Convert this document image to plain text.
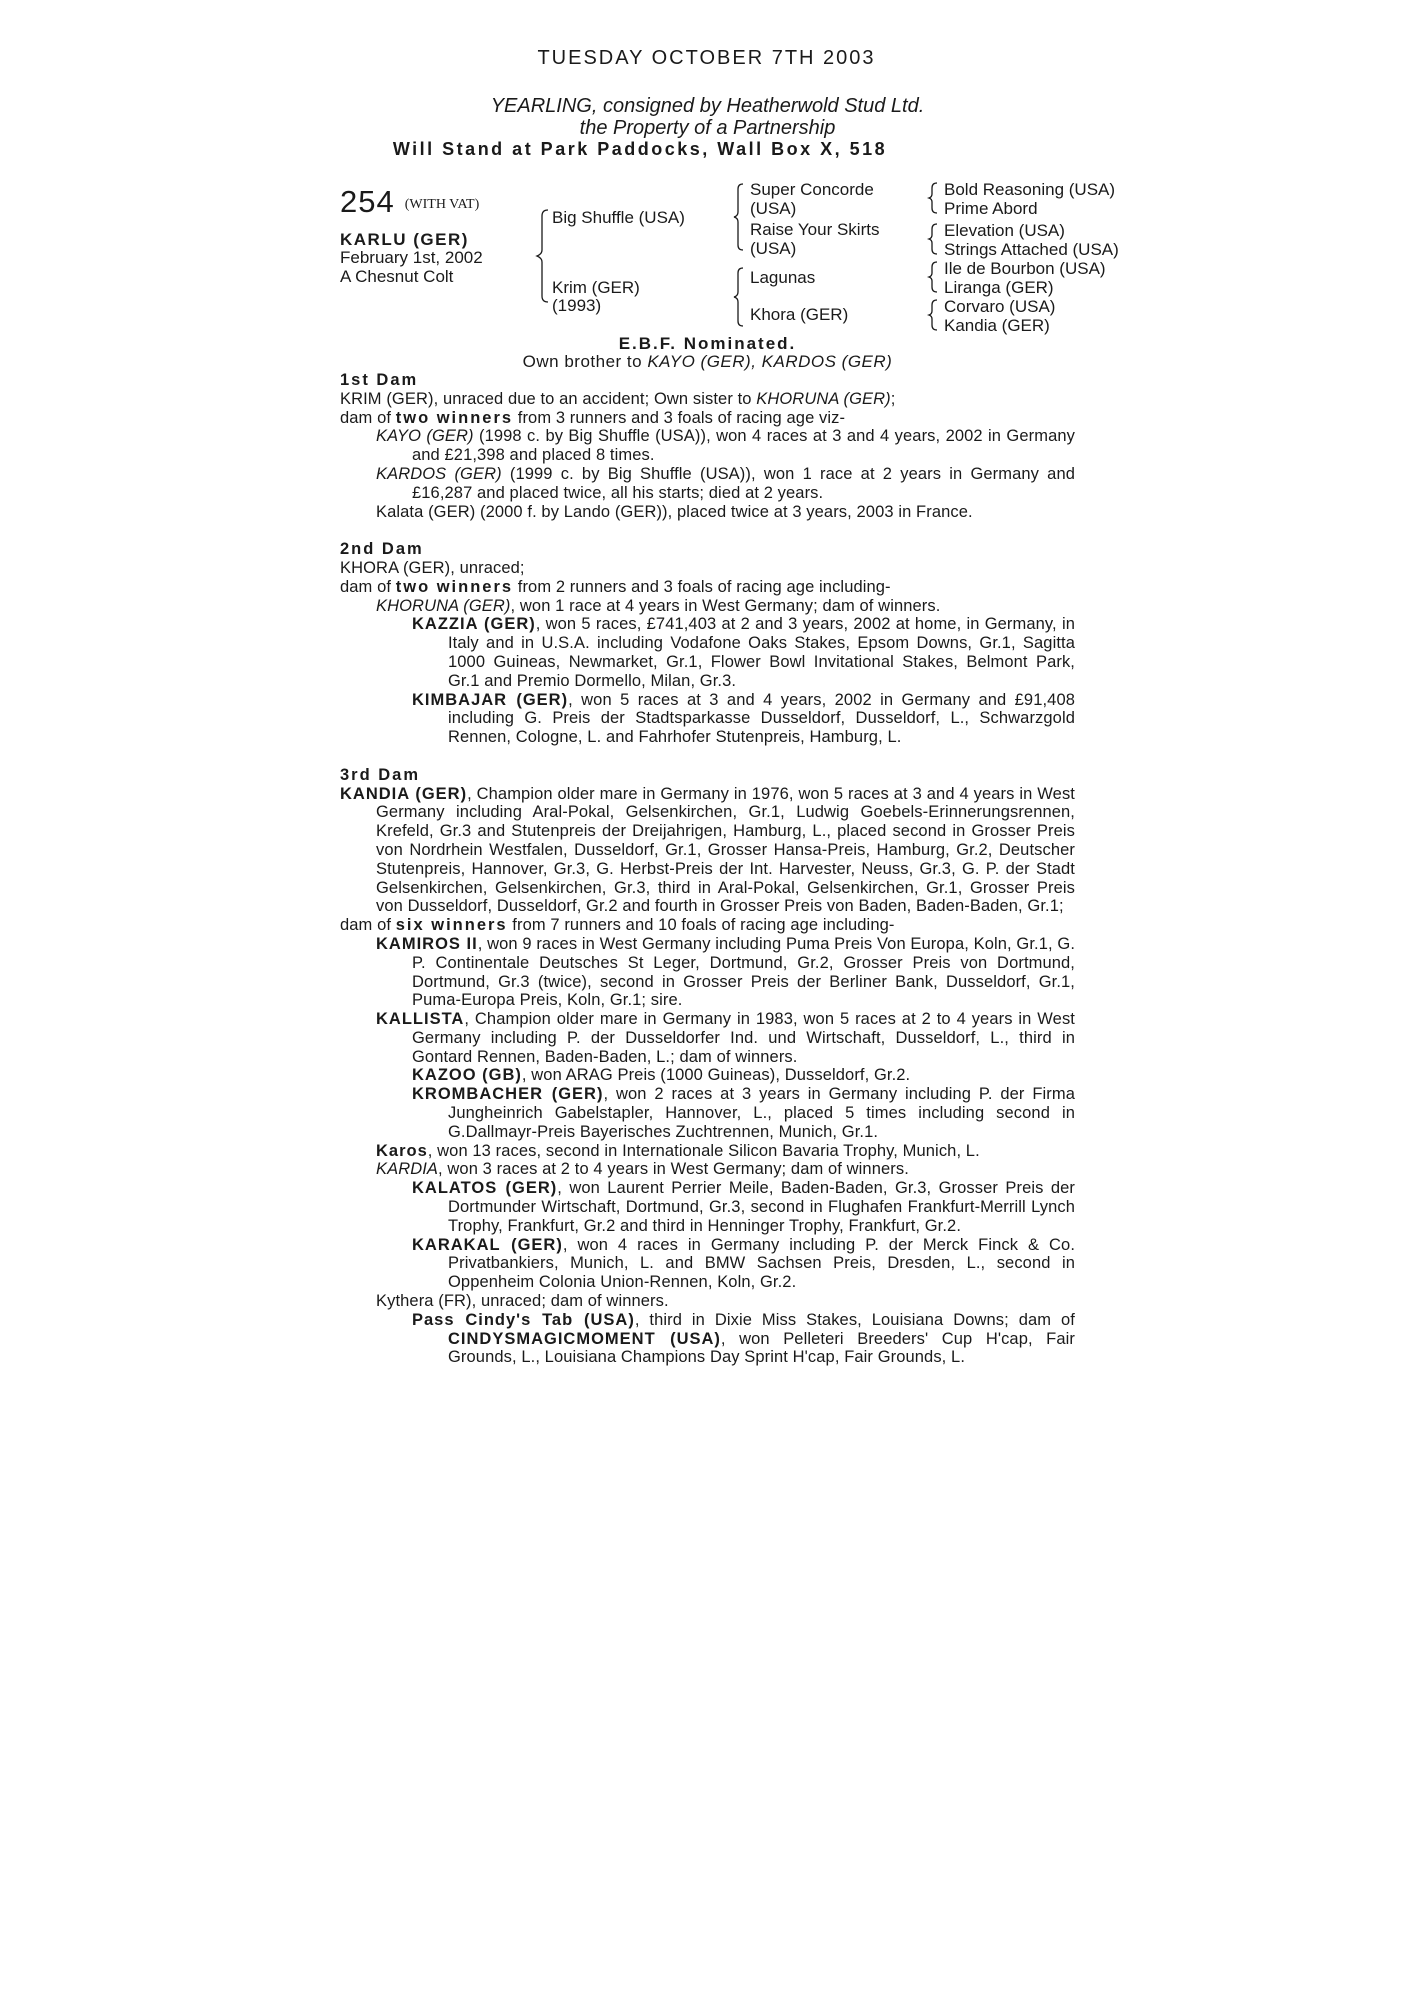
TUESDAY OCTOBER 7TH 2003
YEARLING, consigned by Heatherwold Stud Ltd.
the Property of a Partnership
Will Stand at Park Paddocks, Wall Box X, 518
254 (WITH VAT)
KARLU (GER)
February 1st, 2002
A Chesnut Colt
Big Shuffle (USA)
Krim (GER)
(1993)
Super Concorde
(USA)
Raise Your Skirts
(USA)
Lagunas
Khora (GER)
Bold Reasoning (USA)
Prime Abord
Elevation (USA)
Strings Attached (USA)
Ile de Bourbon (USA)
Liranga (GER)
Corvaro (USA)
Kandia (GER)
E.B.F. Nominated.
Own brother to KAYO (GER), KARDOS (GER)

1st Dam

KRIM (GER), unraced due to an accident; Own sister to KHORUNA (GER);

dam of two winners from 3 runners and 3 foals of racing age viz-

KAYO (GER) (1998 c. by Big Shuffle (USA)), won 4 races at 3 and 4 years, 2002 in Germany and £21,398 and placed 8 times.

KARDOS (GER) (1999 c. by Big Shuffle (USA)), won 1 race at 2 years in Germany and £16,287 and placed twice, all his starts; died at 2 years.

Kalata (GER) (2000 f. by Lando (GER)), placed twice at 3 years, 2003 in France.

2nd Dam

KHORA (GER), unraced;

dam of two winners from 2 runners and 3 foals of racing age including-

KHORUNA (GER), won 1 race at 4 years in West Germany; dam of winners.

KAZZIA (GER), won 5 races, £741,403 at 2 and 3 years, 2002 at home, in Germany, in Italy and in U.S.A. including Vodafone Oaks Stakes, Epsom Downs, Gr.1, Sagitta 1000 Guineas, Newmarket, Gr.1, Flower Bowl Invitational Stakes, Belmont Park, Gr.1 and Premio Dormello, Milan, Gr.3.

KIMBAJAR (GER), won 5 races at 3 and 4 years, 2002 in Germany and £91,408 including G. Preis der Stadtsparkasse Dusseldorf, Dusseldorf, L., Schwarzgold Rennen, Cologne, L. and Fahrhofer Stutenpreis, Hamburg, L.

3rd Dam

KANDIA (GER), Champion older mare in Germany in 1976, won 5 races at 3 and 4 years in West Germany including Aral-Pokal, Gelsenkirchen, Gr.1, Ludwig Goebels-Erinnerungsrennen, Krefeld, Gr.3 and Stutenpreis der Dreijahrigen, Hamburg, L., placed second in Grosser Preis von Nordrhein Westfalen, Dusseldorf, Gr.1, Grosser Hansa-Preis, Hamburg, Gr.2, Deutscher Stutenpreis, Hannover, Gr.3, G. Herbst-Preis der Int. Harvester, Neuss, Gr.3, G. P. der Stadt Gelsenkirchen, Gelsenkirchen, Gr.3, third in Aral-Pokal, Gelsenkirchen, Gr.1, Grosser Preis von Dusseldorf, Dusseldorf, Gr.2 and fourth in Grosser Preis von Baden, Baden-Baden, Gr.1;

dam of six winners from 7 runners and 10 foals of racing age including-

KAMIROS II, won 9 races in West Germany including Puma Preis Von Europa, Koln, Gr.1, G. P. Continentale Deutsches St Leger, Dortmund, Gr.2, Grosser Preis von Dortmund, Dortmund, Gr.3 (twice), second in Grosser Preis der Berliner Bank, Dusseldorf, Gr.1, Puma-Europa Preis, Koln, Gr.1; sire.

KALLISTA, Champion older mare in Germany in 1983, won 5 races at 2 to 4 years in West Germany including P. der Dusseldorfer Ind. und Wirtschaft, Dusseldorf, L., third in Gontard Rennen, Baden-Baden, L.; dam of winners.

KAZOO (GB), won ARAG Preis (1000 Guineas), Dusseldorf, Gr.2.

KROMBACHER (GER), won 2 races at 3 years in Germany including P. der Firma Jungheinrich Gabelstapler, Hannover, L., placed 5 times including second in G.Dallmayr-Preis Bayerisches Zuchtrennen, Munich, Gr.1.

Karos, won 13 races, second in Internationale Silicon Bavaria Trophy, Munich, L.

KARDIA, won 3 races at 2 to 4 years in West Germany; dam of winners.

KALATOS (GER), won Laurent Perrier Meile, Baden-Baden, Gr.3, Grosser Preis der Dortmunder Wirtschaft, Dortmund, Gr.3, second in Flughafen Frankfurt-Merrill Lynch Trophy, Frankfurt, Gr.2 and third in Henninger Trophy, Frankfurt, Gr.2.

KARAKAL (GER), won 4 races in Germany including P. der Merck Finck & Co. Privatbankiers, Munich, L. and BMW Sachsen Preis, Dresden, L., second in Oppenheim Colonia Union-Rennen, Koln, Gr.2.

Kythera (FR), unraced; dam of winners.

Pass Cindy's Tab (USA), third in Dixie Miss Stakes, Louisiana Downs; dam of CINDYSMAGICMOMENT (USA), won Pelleteri Breeders' Cup H'cap, Fair Grounds, L., Louisiana Champions Day Sprint H'cap, Fair Grounds, L.
